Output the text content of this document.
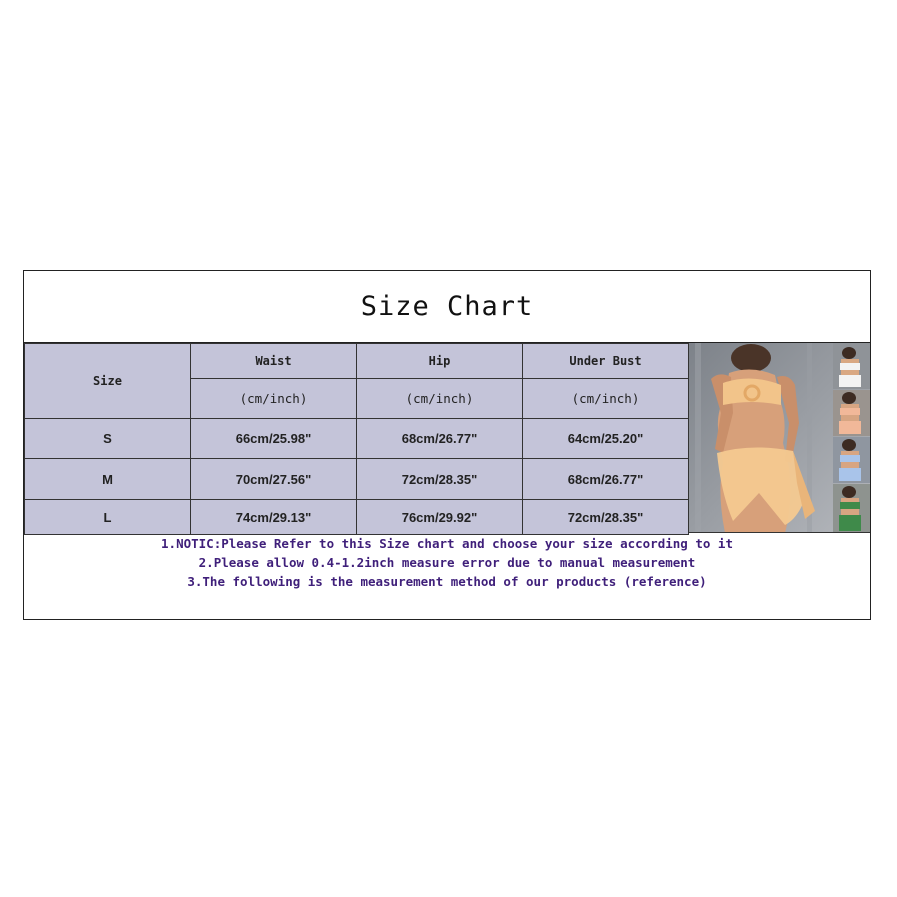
Size Chart
Size	Waist	Hip	Under Bust
	(cm/inch)	(cm/inch)	(cm/inch)
S	66cm/25.98"	68cm/26.77"	64cm/25.20"
M	70cm/27.56"	72cm/28.35"	68cm/26.77"
L	74cm/29.13"	76cm/29.92"	72cm/28.35"
1.NOTIC:Please Refer to this Size chart and choose your size according to it
2.Please allow 0.4-1.2inch measure error due to manual measurement
3.The following is the measurement method of our products (reference)
